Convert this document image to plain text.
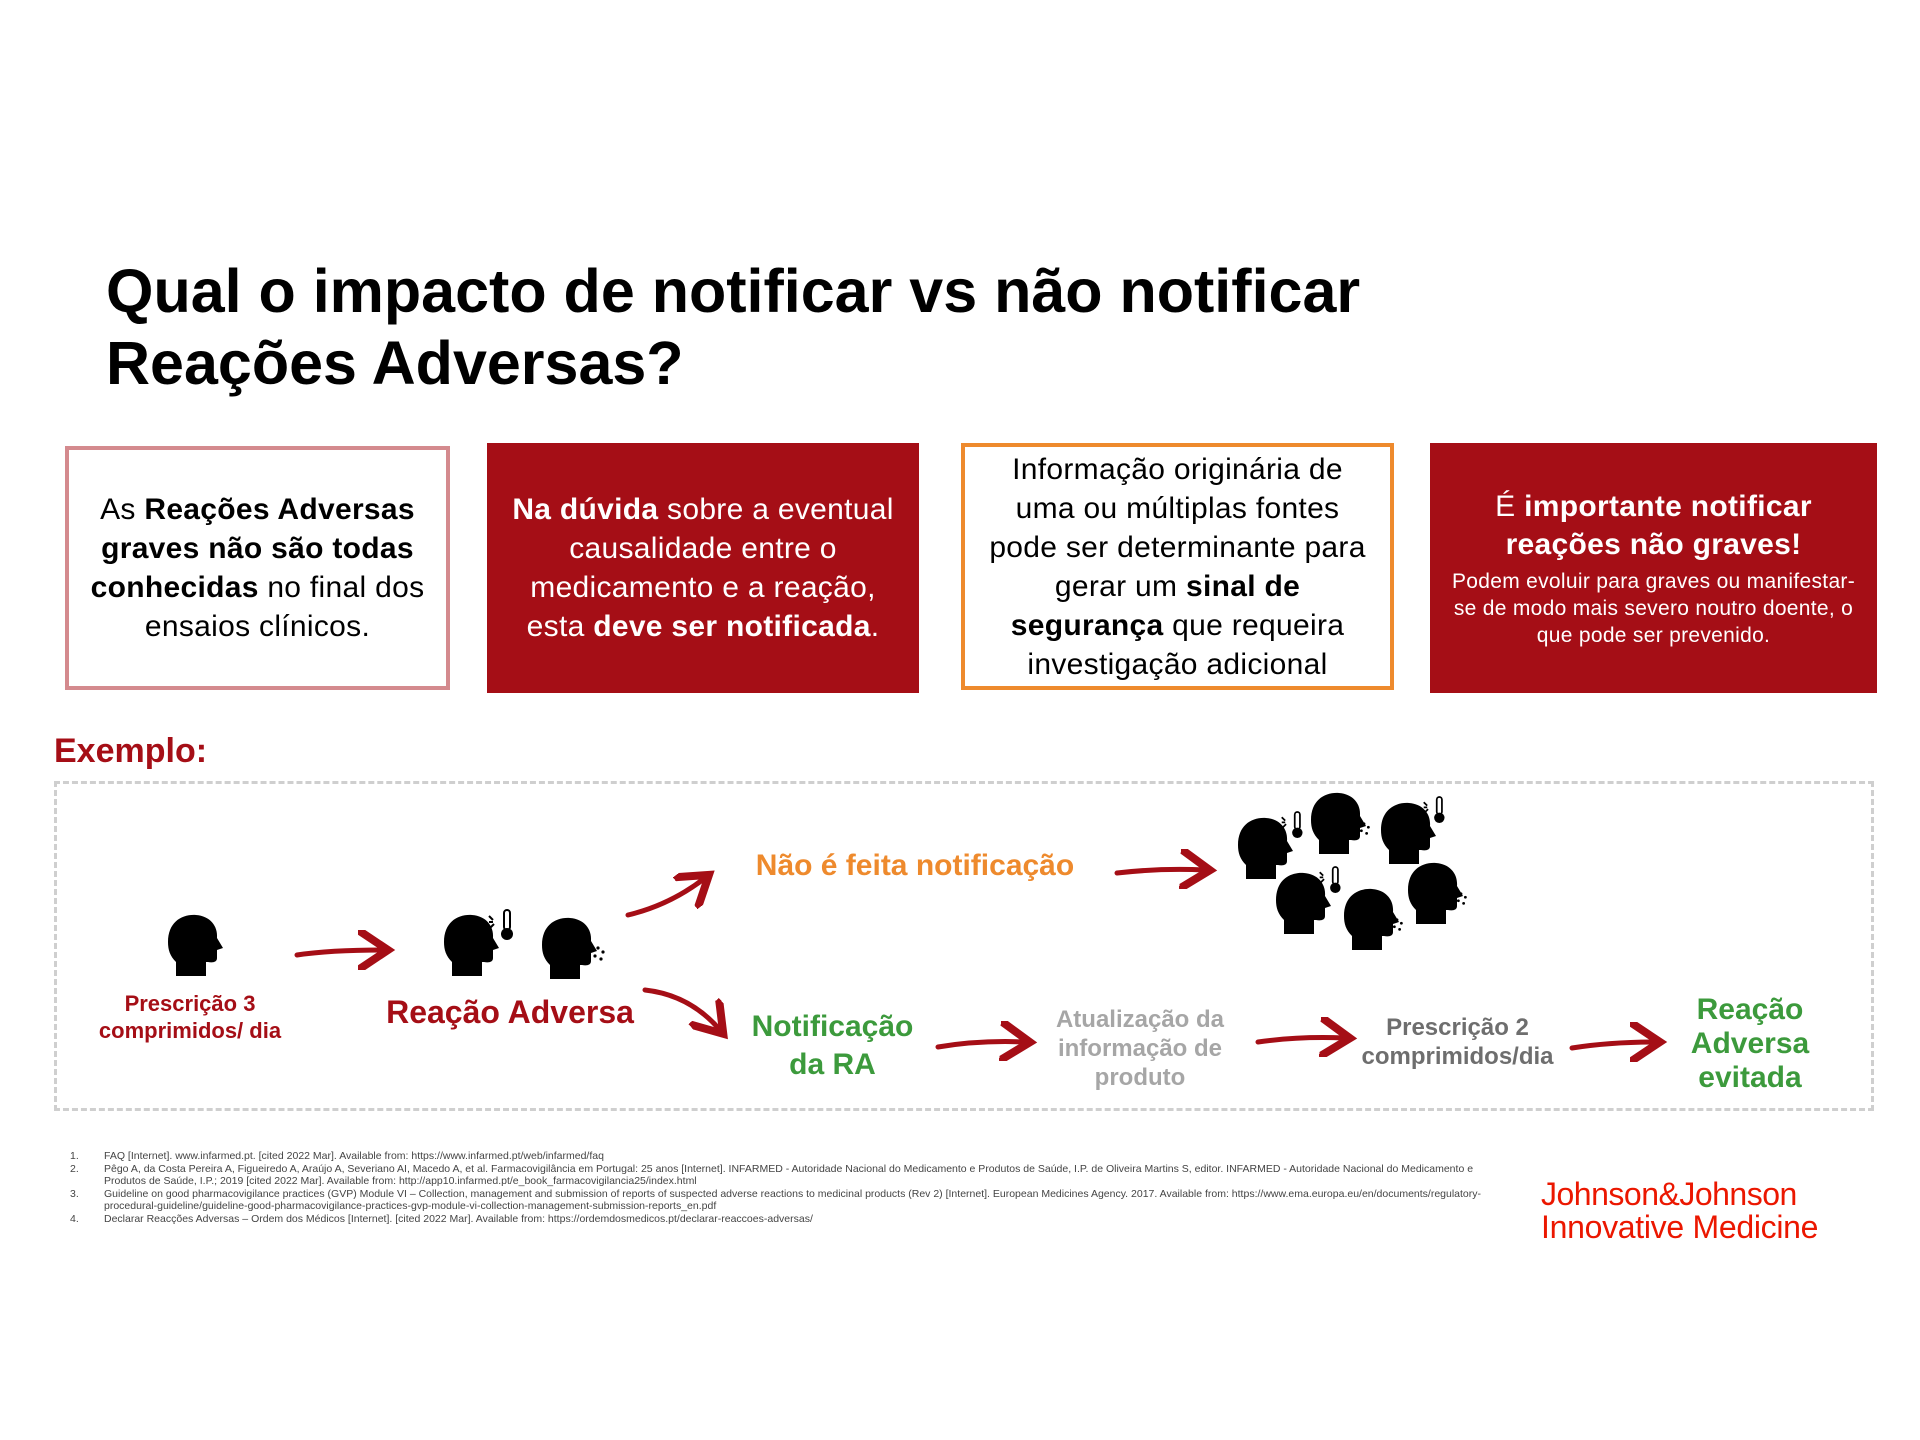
Qual o impacto de notificar vs não notificar
Reações Adversas?
As Reações Adversas graves não são todas conhecidas no final dos ensaios clínicos.
Na dúvida sobre a eventual causalidade entre o medicamento e a reação, esta deve ser notificada.
Informação originária de uma ou múltiplas fontes pode ser determinante para gerar um sinal de segurança que requeira investigação adicional
É importante notificar reações não graves!
Podem evoluir para graves ou manifestar-se de modo mais severo noutro doente, o que pode ser prevenido.
Exemplo:
Prescrição 3 comprimidos/ dia
Reação Adversa
Não é feita notificação
Notificação
da RA
Atualização da informação de produto
Prescrição 2 comprimidos/dia
Reação
Adversa
evitada
1.	FAQ [Internet]. www.infarmed.pt. [cited 2022 Mar]. Available from: https://www.infarmed.pt/web/infarmed/faq
2.	Pêgo A, da Costa Pereira A, Figueiredo A, Araújo A, Severiano AI, Macedo A, et al. Farmacovigilância em Portugal: 25 anos [Internet]. INFARMED - Autoridade Nacional do Medicamento e Produtos de Saúde, I.P. de Oliveira Martins S, editor. INFARMED - Autoridade Nacional do Medicamento e Produtos de Saúde, I.P.; 2019 [cited 2022 Mar]. Available from: http://app10.infarmed.pt/e_book_farmacovigilancia25/index.html
3.	Guideline on good pharmacovigilance practices (GVP) Module VI – Collection, management and submission of reports of suspected adverse reactions to medicinal products (Rev 2) [Internet]. European Medicines Agency. 2017. Available from: https://www.ema.europa.eu/en/documents/regulatory-procedural-guideline/guideline-good-pharmacovigilance-practices-gvp-module-vi-collection-management-submission-reports_en.pdf
4.	Declarar Reacções Adversas – Ordem dos Médicos [Internet]. [cited 2022 Mar]. Available from: https://ordemdosmedicos.pt/declarar-reaccoes-adversas/
Johnson&Johnson
Innovative Medicine
